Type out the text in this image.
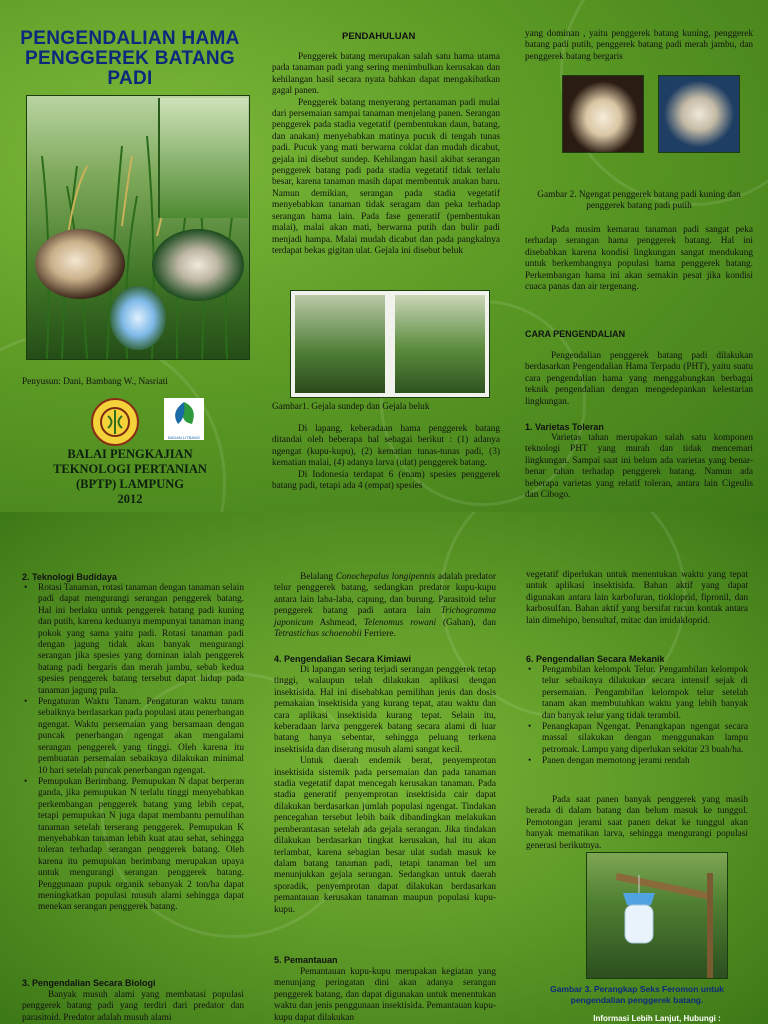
PENGENDALIAN HAMA
PENGGEREK BATANG
PADI
Penyusun: Dani, Bambang W., Nasriati
BADAN LITBANG
BALAI PENGKAJIAN
TEKNOLOGI PERTANIAN
(BPTP) LAMPUNG
2012
PENDAHULUAN

Penggerek batang merupakan salah satu hama utama pada tanaman padi yang sering menimbulkan kerusakan dan kehilangan hasil secara nyata bahkan dapat mengakibatkan gagal panen.

Penggerek batang menyerang pertanaman padi mulai dari persemaian sampai tanaman menjelang panen. Serangan penggerek pada stadia vegetatif (pembentukan daun, batang, dan anakan) menyebabkan matinya pucuk di tengah tunas padi. Pucuk yang mati berwarna coklat dan mudah dicabut, gejala ini disebut sundep. Kehilangan hasil akibat serangan penggerek batang padi pada stadia vegetatif tidak terlalu besar, karena tanaman masih dapat membentuk anakan baru. Namun demikian, serangan pada stadia vegetatif menyebabkan tanaman tidak seragam dan peka terhadap serangan hama lain. Pada fase generatif (pembentukan malai), malai akan mati, berwarna putih dan bulir padi menjadi hampa. Malai mudah dicabut dan pada pangkalnya terdapat bekas gigitan ulat. Gejala ini disebut beluk

Gambar1. Gejala sundep dan Gejala beluk

Di lapang, keberadaan hama penggerek batang ditandai oleh beberapa hal sebagai berikut : (1) adanya ngengat (kupu-kupu), (2) kematian tunas-tunas padi, (3) kematian malai, (4) adanya larva (ulat) penggerek batang.

Di Indonesia terdapat 6 (enam) spesies penggerek batang padi, tetapi ada 4 (empat) spesies

yang dominan , yaitu penggerek batang kuning, penggerek batang padi putih, penggerek batang padi merah jambu, dan penggerek batang bergaris

Gambar 2. Ngengat penggerek batang padi kuning dan penggerek batang padi putih

Pada musim kemarau tanaman padi sangat peka terhadap serangan hama penggerek batang. Hal ini disebabkan karena kondisi lingkungan sangat mendukung untuk berkembangnya populasi hama penggerek batang. Perkembangan hama ini akan semakin pesat jika kondisi cuaca panas dan air tergenang.

CARA PENGENDALIAN

Pengendalian penggerek batang padi dilakukan berdasarkan Pengendalian Hama Terpadu (PHT), yaitu suatu cara pengendalian hama yang menggabungkan berbagai teknik pengendalian dengan mengedepankan kelestarian lingkungan.

1. Varietas Toleran

Varietas tahan merupakan salah satu komponen teknologi PHT yang murah dan tidak mencemari lingkungan. Sampai saat ini belum ada varietas yang benar-benar tahan terhadap penggerek batang. Namun ada beberapa varietas yang relatif toleran, antara lain Cigeulis dan Cibogo.

2. Teknologi Budidaya
• Rotasi Tanaman, rotasi tanaman dengan tanaman selain padi dapat mengurangi serangan penggerek batang. Hal ini berlaku untuk penggerek batang padi kuning dan putih, karena keduanya mempunyai tanaman inang pokok yang sama yaitu padi. Rotasi tanaman padi dengan jagung tidak akan banyak mengurangi serangan jika spesies yang dominan ialah penggerek batang padi bergaris dan merah jambu, sebab kedua spesies penggerek batang tersebut dapat hidup pada tanaman jagung pula.
• Pengaturan Waktu Tanam. Pengaturan waktu tanam sebaiknya berdasarkan pada populasi atau penerbangan ngengat. Waktu persemaian yang bersamaan dengan puncak penerbangan ngengat akan mengalami serangan penggerek yang tinggi. Oleh karena itu pembuatan persemaian sebaiknya dilakukan minimal 10 hari setelah puncak penerbangan ngengat.
• Pemupukan Berimbang. Pemupukan N dapat berperan ganda, jika pemupukan N terlalu tinggi menyebabkan perkembangan penggerek batang yang lebih cepat, tetapi pemupukan N juga dapat membantu pemulihan tanaman setelah terserang penggerek. Pemupukan K menyebabkan tanaman lebih kuat atau sehat, sehingga toleran terhadap serangan penggerek batang. Oleh karena itu pemupukan berimbang merupakan upaya untuk mengurangi serangan penggerek batang. Penggunaan pupuk organik sebanyak 2 ton/ha dapat meningkatkan populasi musuh alami sehingga dapat menekan serangan penggerek batang.
3. Pengendalian Secara Biologi

Banyak musuh alami yang membatasi populasi penggerek batang padi yang terdiri dari predator dan parasitoid. Predator adalah musuh alami

Belalang Conochepalus longipennis adalah predator telur penggerek batang, sedangkan predator kupu-kupu antara lain laba-laba, capung, dan burung. Parasitoid telur penggerek batang padi antara lain Trichogramma japonicum Ashmead, Telenomus rowani (Gahan), dan Tetrastichus schoenobii Ferriere.

4. Pengendalian Secara Kimiawi

Di lapangan sering terjadi serangan penggerek tetap tinggi, walaupun telah dilakukan aplikasi dengan insektisida. Hal ini disebabkan pemilihan jenis dan dosis pemakaian insektisida yang kurang tepat, atau waktu dan cara aplikasi insektisida kurang tepat. Selain itu, keberadaan larva penggerek batang secara alami di luar batang hanya sebentar, sehingga peluang terkena insektisida dan diserang musuh alami sangat kecil.

Untuk daerah endemik berat, penyemprotan insektisida sistemik pada persemaian dan pada tanaman stadia vegetatif dapat mencegah kerusakan tanaman. Pada stadia generatif penyemprotan insektisida cair dapat dilakukan berdasarkan jumlah populasi ngengat. Tindakan pencegahan tersebut lebih baik dibandingkan melakukan pemberantasan setelah ada gejala serangan. Jika tindakan dilakukan berdasarkan tingkat kerusakan, hal itu akan terlambat, karena sebagian besar ulat sudah masuk ke dalam batang tanaman padi, tetapi tanaman bel um menunjukkan gejala serangan. Sedangkan untuk daerah sporadik, penyemprotan dapat dilakukan berdasarkan pemantauan kerusakan tanaman maupun populasi kupu-kupu.

5. Pemantauan

Pemantauan kupu-kupu merupakan kegiatan yang menunjang peringatan dini akan adanya serangan penggerek batang, dan dapat digunakan untuk menentukan waktu dan jenis penggunaan insektisida. Pemantauan kupu-kupu dapat dilakukan

vegetatif diperlukan untuk menentukan waktu yang tepat untuk aplikasi insektisida. Bahan aktif yang dapat digunakan antara lain karbofuran, tiokloprid, fipronil, dan karbosulfan. Bahan aktif yang bersifat racun kontak antara lain dimehipo, bensultaf, mitac dan imidakloprid.

6. Pengendalian Secara Mekanik
• Pengambilan kelompok Telur. Pengambilan kelompok telur sebaiknya dilakukan secara intensif sejak di persemaian. Pengambilan kelompok telur setelah tanam akan membutuhkan waktu yang lebih banyak dan banyak telur yang tidak terambil.
• Penangkapan Ngengat. Penangkapan ngengat secara massal silakukan dengan menggunakan lampu petromak. Lampu yang diperlukan sekitar 23 buah/ha.
• Panen dengan memotong jerami rendah

Pada saat panen banyak penggerek yang masih berada di dalam batang dan belum masuk ke tunggul. Pemotongan jerami saat panen dekat ke tunggul akan banyak mematikan larva, sehingga mengurangi populasi generasi berikutnya.

Gambar 3. Perangkap Seks Feromon untuk pengendalian penggerek batang.
Informasi Lebih Lanjut, Hubungi :
